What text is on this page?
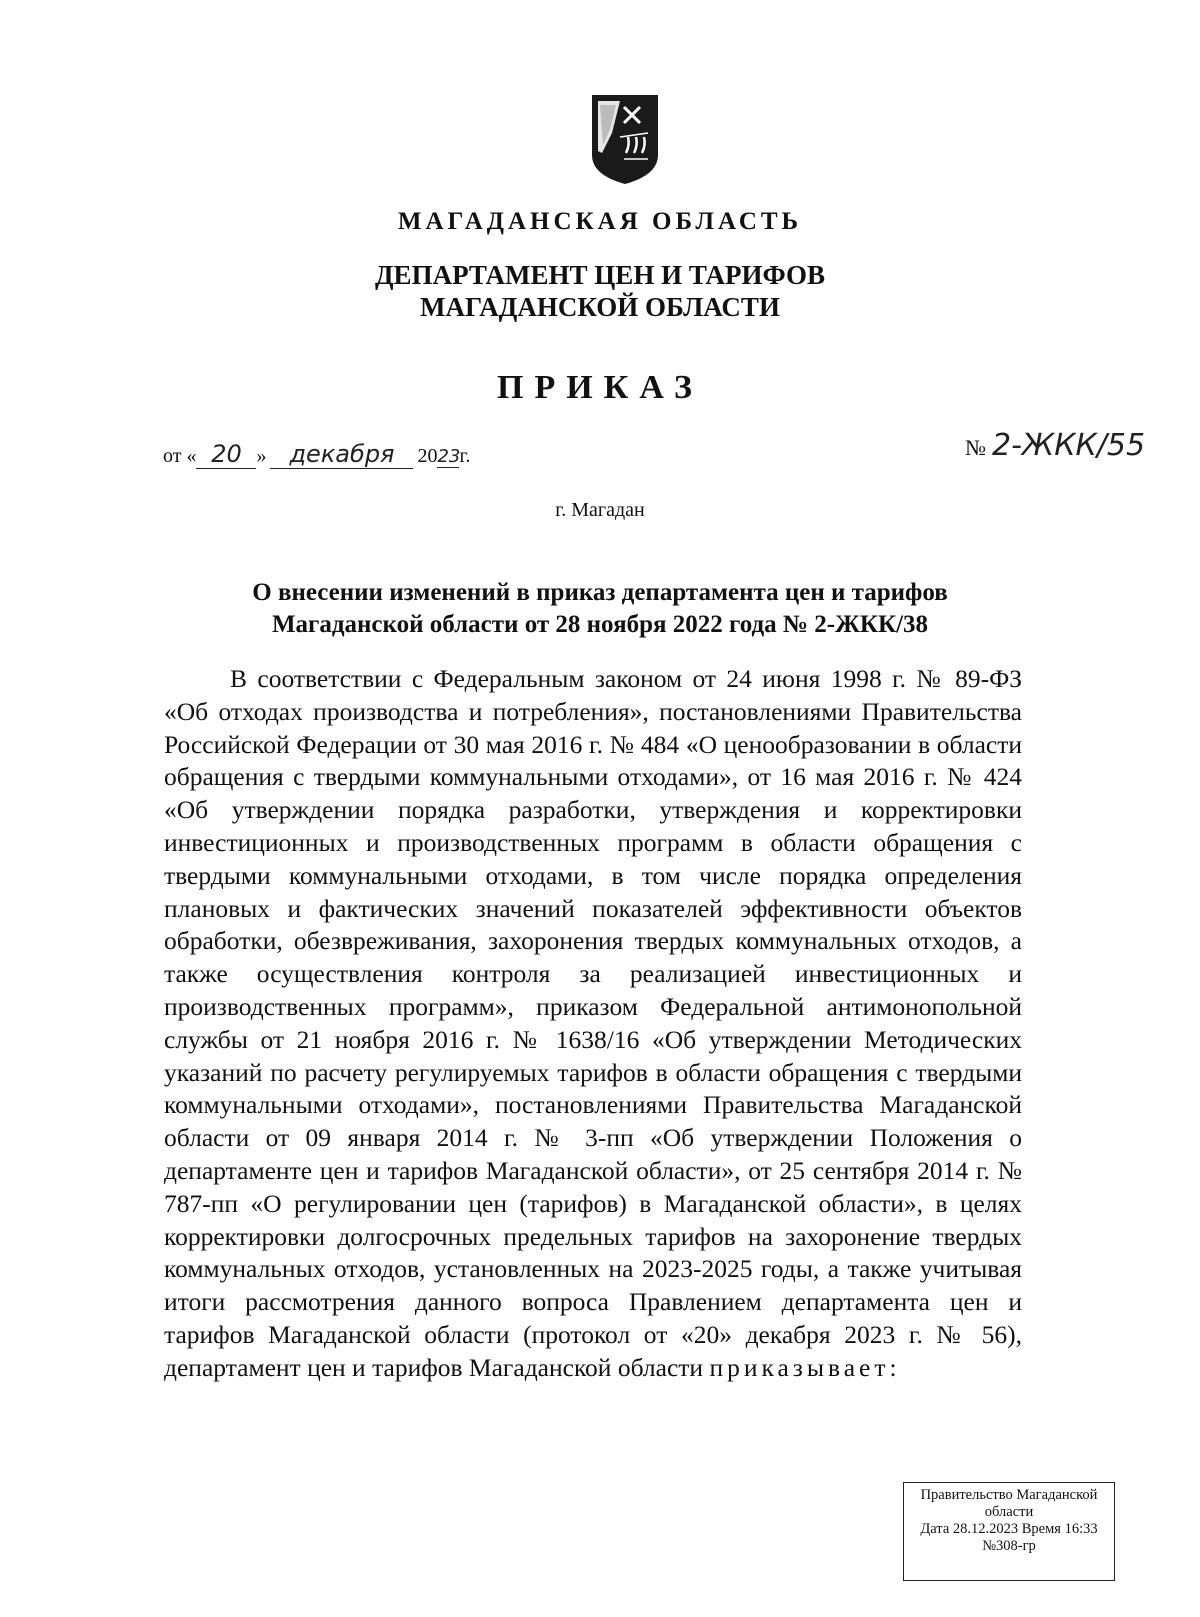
МАГАДАНСКАЯ ОБЛАСТЬ
ДЕПАРТАМЕНТ ЦЕН И ТАРИФОВ
МАГАДАНСКОЙ ОБЛАСТИ
ПРИКАЗ
от « 20 » декабря	20 23 г.	№ 2-ЖКК/55
г. Магадан
О внесении изменений в приказ департамента цен и тарифов
Магаданской области от 28 ноября 2022 года № 2-ЖКК/38

В соответствии с Федеральным законом от 24 июня 1998 г. № 89-ФЗ «Об отходах производства и потребления», постановлениями Правительства Российской Федерации от 30 мая 2016 г. № 484 «О ценообразовании в области обращения с твердыми коммунальными отходами», от 16 мая 2016 г. № 424 «Об утверждении порядка разработки, утверждения и корректировки инвестиционных и производственных программ в области обращения с твердыми коммунальными отходами, в том числе порядка определения плановых и фактических значений показателей эффективности объектов обработки, обезвреживания, захоронения твердых коммунальных отходов, а также осуществления контроля за реализацией инвестиционных и производственных программ», приказом Федеральной антимонопольной службы от 21 ноября 2016 г. № 1638/16 «Об утверждении Методических указаний по расчету регулируемых тарифов в области обращения с твердыми коммунальными отходами», постановлениями Правительства Магаданской области от 09 января 2014 г. № 3-пп «Об утверждении Положения о департаменте цен и тарифов Магаданской области», от 25 сентября 2014 г. № 787-пп «О регулировании цен (тарифов) в Магаданской области», в целях корректировки долгосрочных предельных тарифов на захоронение твердых коммунальных отходов, установленных на 2023-2025 годы, а также учитывая итоги рассмотрения данного вопроса Правлением департамента цен и тарифов Магаданской области (протокол от «20» декабря 2023 г. № 56), департамент цен и тарифов Магаданской области приказывает:

Правительство Магаданской
области
Дата 28.12.2023 Время 16:33
№308-гр
